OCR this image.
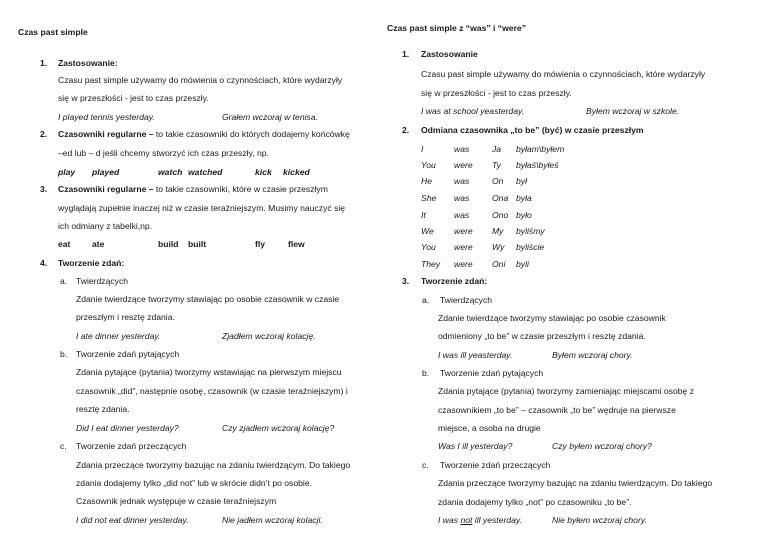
Czas past simple
1. Zastosowanie:
Czasu past simple używamy do mówienia o czynnościach, które wydarzyły
się w przeszłości - jest to czas przeszły.
I played tennis yesterday.	Grałem wczoraj w tenisa.
2. Czasowniki regularne – to takie czasowniki do których dodajemy końcówkę
–ed lub – d jeśli chcemy stworzyć ich czas przeszły, np.
play played	watch watched	kick kicked
3. Czasowniki regularne – to takie czasowniki, które w czasie przeszłym
wyglądają zupełnie inaczej niż w czasie teraźniejszym. Musimy nauczyć się
ich odmiany z tabelki,np.
eat	ate	build built	fly	flew
4. Tworzenie zdań:
a. Twierdzących
Zdanie twierdzące tworzymy stawiając po osobie czasownik w czasie
przeszłym i resztę zdania.
I ate dinner yesterday.	Zjadłem wczoraj kolację.
b. Tworzenie zdań pytających
Zdania pytające (pytania) tworzymy wstawiając na pierwszym miejscu
czasownik „did”, następnie osobę, czasownik (w czasie teraźniejszym) i
resztę zdania.
Did I eat dinner yesterday?	Czy zjadłem wczoraj kolację?
c. Tworzenie zdań przeczących
Zdania przeczące tworzymy bazując na zdaniu twierdzącym. Do takiego
zdania dodajemy tylko „did not” lub w skrócie didn’t po osobie.
Czasownik jednak występuje w czasie teraźniejszym
I did not eat dinner yesterday.	Nie jadłem wczoraj kolacji.
Czas past simple z “was” i “were”
1. Zastosowanie
Czasu past simple używamy do mówienia o czynnościach, które wydarzyły
się w przeszłości - jest to czas przeszły.
I was at school yeasterday.	Byłem wczoraj w szkole.
2. Odmiana czasownika „to be” (być) w czasie przeszłym
I	was	Ja byłam\byłem
You were Ty byłaś\byłeś
He	was	On był
She was	Ona była
It	was	Ono było
We were My byliśmy
You were Wy byliście
They were Oni byli
3. Tworzenie zdań:
a. Twierdzących
Zdanie twierdzące tworzymy stawiając po osobie czasownik
odmieniony „to be” w czasie przeszłym i resztę zdania.
I was ill yeasterday.	Byłem wczoraj chory.
b. Tworzenie zdań pytających
Zdania pytające (pytania) tworzymy zamieniając miejscami osobę z
czasownikiem „to be” – czasownik „to be” wędruje na pierwsze
miejsce, a osoba na drugie
Was I ill yesterday?	Czy byłem wczoraj chory?
c. Tworzenie zdań przeczących
Zdania przeczące tworzymy bazując na zdaniu twierdzącym. Do takiego
zdania dodajemy tylko „not” po czasowniku „to be”.
I was not ill yesterday.	Nie byłem wczoraj chory.
